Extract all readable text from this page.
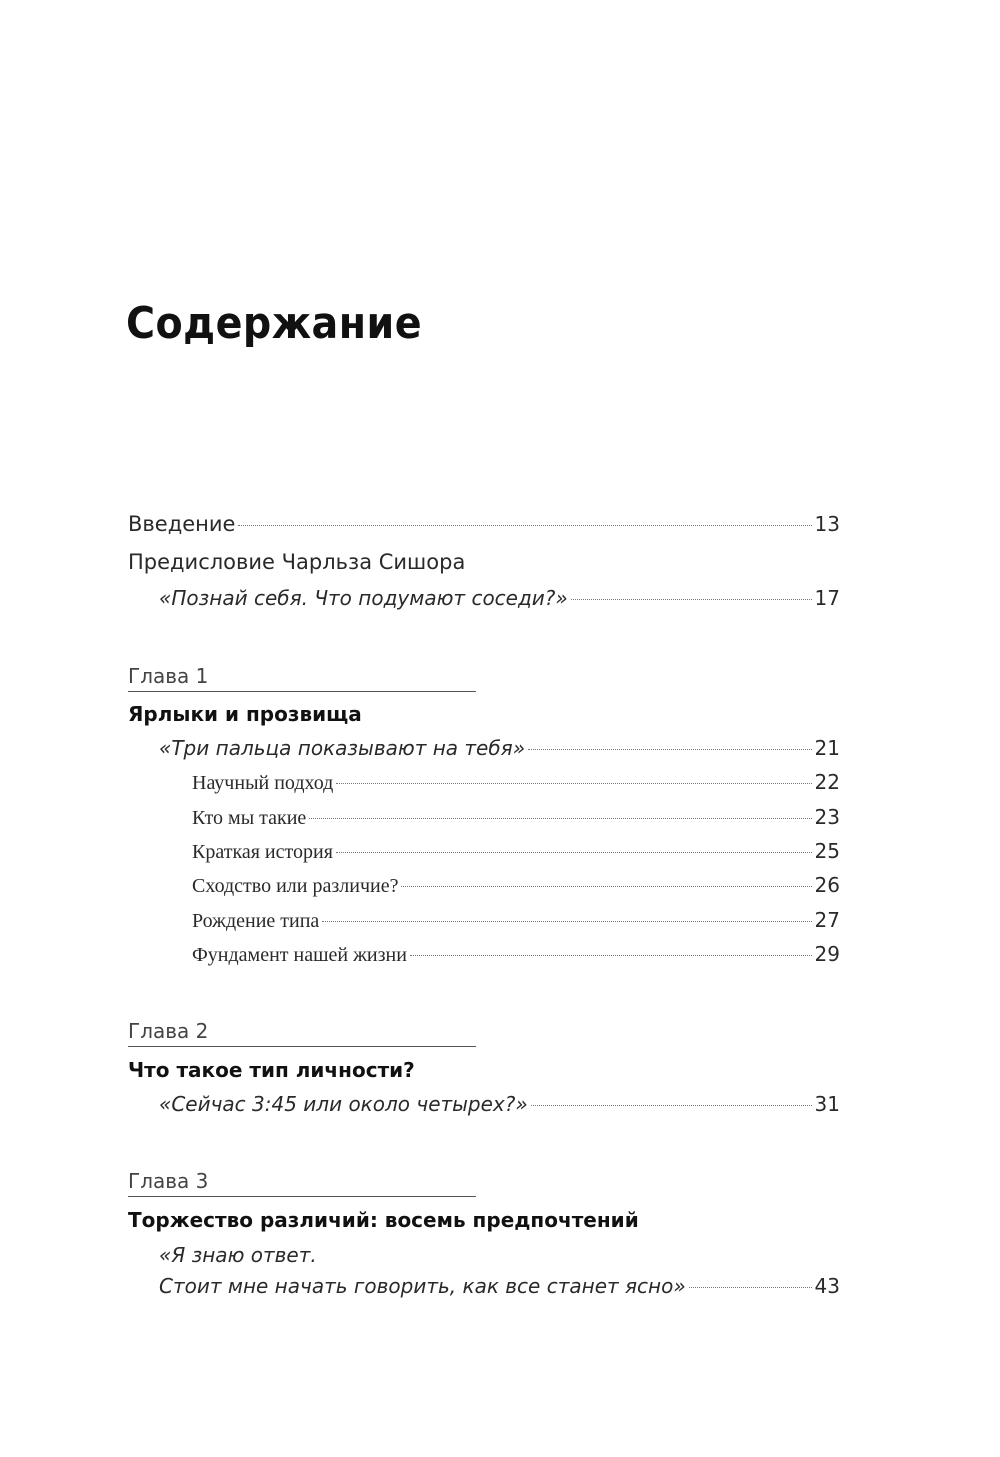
Содержание
Введение	13
Предисловие Чарльза Сишора
«Познай себя. Что подумают соседи?»	17
Глава 1
Ярлыки и прозвища
«Три пальца показывают на тебя»	21
Научный подход	22
Кто мы такие	23
Краткая история	25
Сходство или различие?	26
Рождение типа	27
Фундамент нашей жизни	29
Глава 2
Что такое тип личности?
«Сейчас 3:45 или около четырех?»	31
Глава 3
Торжество различий: восемь предпочтений
«Я знаю ответ.
Стоит мне начать говорить, как все станет ясно»	43
